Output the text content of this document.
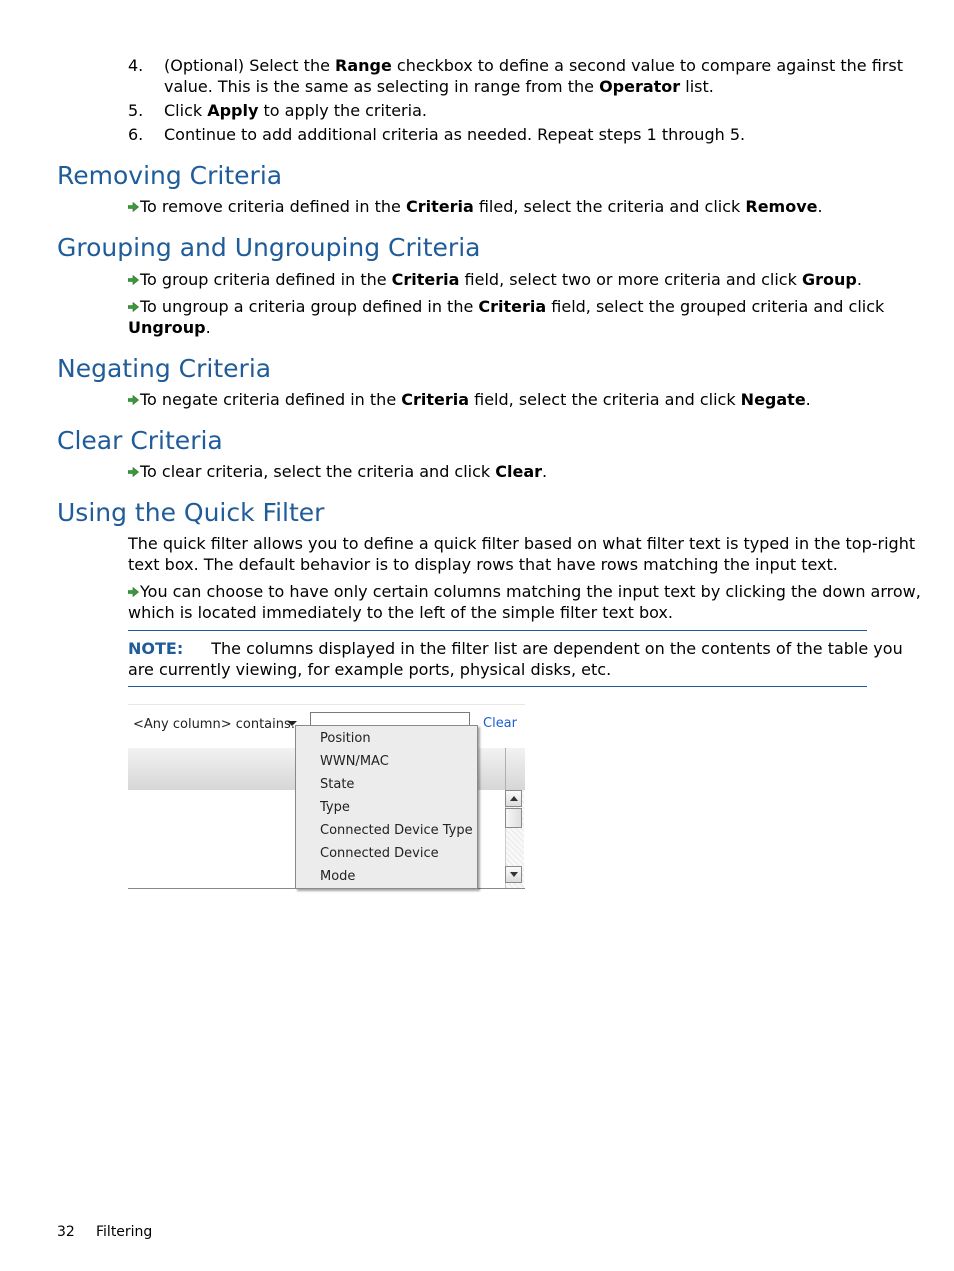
4. (Optional) Select the Range checkbox to define a second value to compare against the first
value. This is the same as selecting in range from the Operator list.
5. Click Apply to apply the criteria.
6. Continue to add additional criteria as needed. Repeat steps 1 through 5.
Removing Criteria
To remove criteria defined in the Criteria filed, select the criteria and click Remove.
Grouping and Ungrouping Criteria
To group criteria defined in the Criteria field, select two or more criteria and click Group.
To ungroup a criteria group defined in the Criteria field, select the grouped criteria and click
Ungroup.
Negating Criteria
To negate criteria defined in the Criteria field, select the criteria and click Negate.
Clear Criteria
To clear criteria, select the criteria and click Clear.
Using the Quick Filter
The quick filter allows you to define a quick filter based on what filter text is typed in the top-right
text box. The default behavior is to display rows that have rows matching the input text.
You can choose to have only certain columns matching the input text by clicking the down arrow,
which is located immediately to the left of the simple filter text box.
NOTE: The columns displayed in the filter list are dependent on the contents of the table you
are currently viewing, for example ports, physical disks, etc.
<Any column> contains:	Clear
Position
WWN/MAC
State
Type
Connected Device Type
Connected Device
Mode
32 Filtering
